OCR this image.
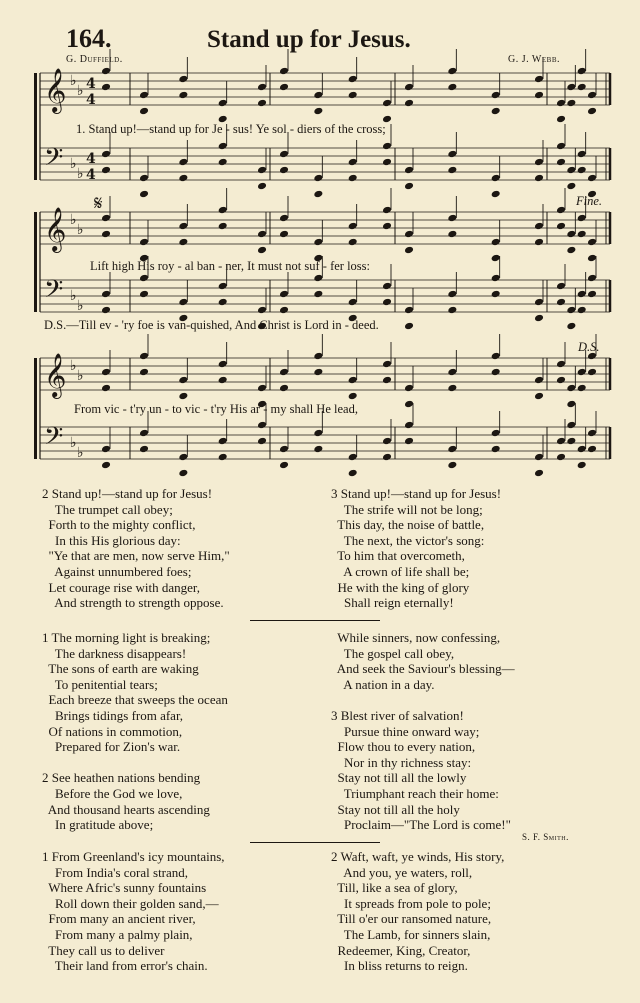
164.	Stand up for Jesus.
G. Duffield.	G. J. Webb.
𝄞 ♭
♭ 4
4
𝄢 ♭
♭
4
4
𝄞 ♭
♭
𝄢 ♭
♭
𝄞 ♭
♭
𝄢 ♭
♭
1. Stand up!—stand up for Je - sus! Ye sol - diers of the cross;
𝄋	Fine.
Lift high His roy - al ban - ner, It must not suf - fer loss:
D.S.—Till ev - 'ry foe is van-quished, And Christ is Lord in - deed.
D.S.
From vic - t'ry un - to vic - t'ry His ar - my shall He lead,
2 Stand up!—stand up for Jesus!
The trumpet call obey;
Forth to the mighty conflict,
In this His glorious day:
"Ye that are men, now serve Him,"
Against unnumbered foes;
Let courage rise with danger,
And strength to strength oppose.
3 Stand up!—stand up for Jesus!
The strife will not be long;
This day, the noise of battle,
The next, the victor's song:
To him that overcometh,
A crown of life shall be;
He with the king of glory
Shall reign eternally!
1 The morning light is breaking;
The darkness disappears!
The sons of earth are waking
To penitential tears;
Each breeze that sweeps the ocean
Brings tidings from afar,
Of nations in commotion,
Prepared for Zion's war.
2 See heathen nations bending
Before the God we love,
And thousand hearts ascending
In gratitude above;
While sinners, now confessing,
The gospel call obey,
And seek the Saviour's blessing—
A nation in a day.
3 Blest river of salvation!
Pursue thine onward way;
Flow thou to every nation,
Nor in thy richness stay:
Stay not till all the lowly
Triumphant reach their home:
Stay not till all the holy
Proclaim—"The Lord is come!"
S. F. Smith.
1 From Greenland's icy mountains,
From India's coral strand,
Where Afric's sunny fountains
Roll down their golden sand,—
From many an ancient river,
From many a palmy plain,
They call us to deliver
Their land from error's chain.
2 Waft, waft, ye winds, His story,
And you, ye waters, roll,
Till, like a sea of glory,
It spreads from pole to pole;
Till o'er our ransomed nature,
The Lamb, for sinners slain,
Redeemer, King, Creator,
In bliss returns to reign.
